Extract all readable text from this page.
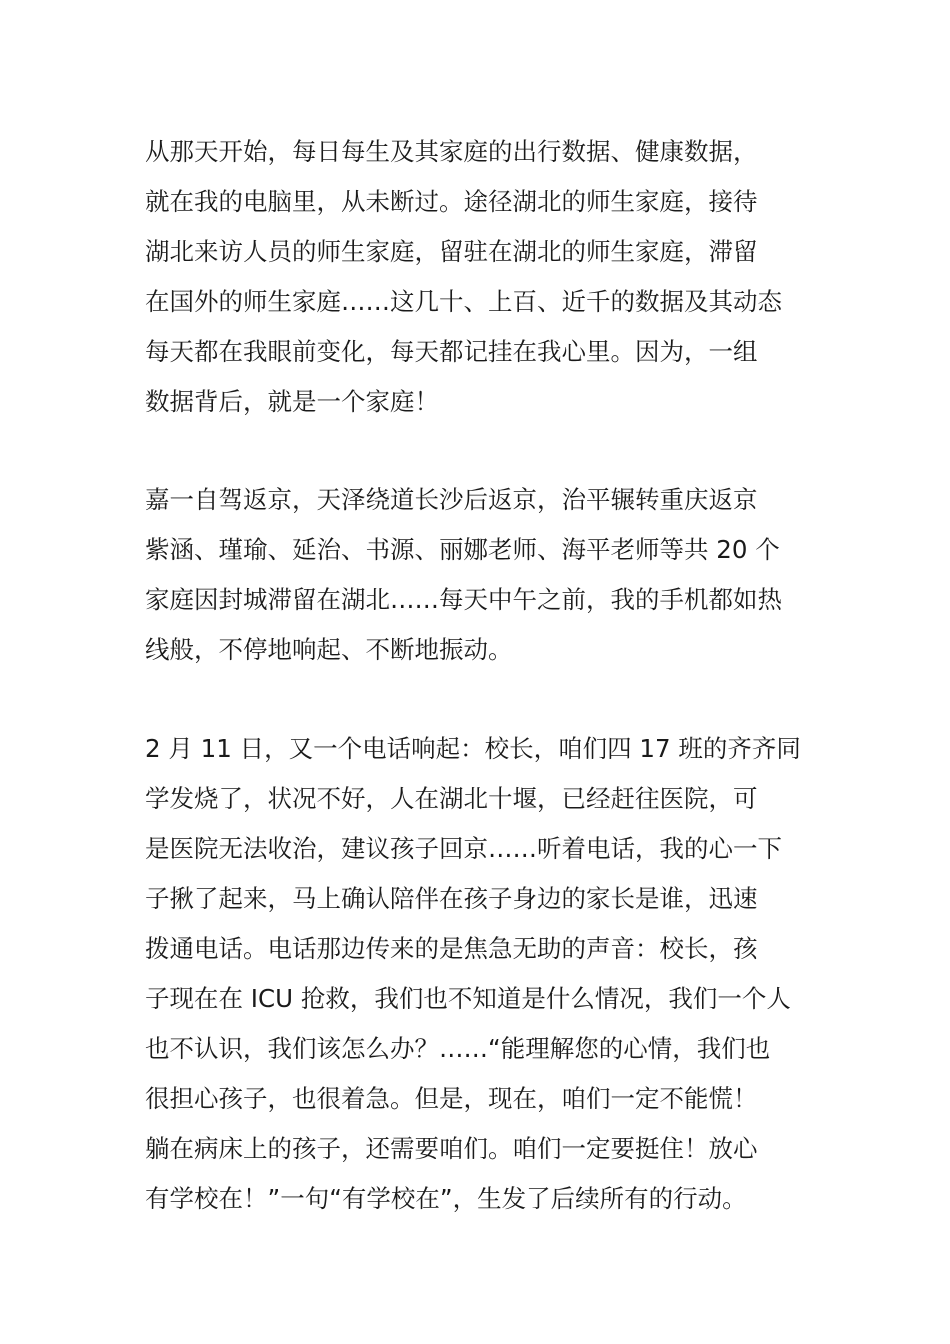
从那天开始，每日每生及其家庭的出行数据、健康数据，
就在我的电脑里，从未断过。途径湖北的师生家庭，接待
湖北来访人员的师生家庭，留驻在湖北的师生家庭，滞留
在国外的师生家庭……这几十、上百、近千的数据及其动态
每天都在我眼前变化，每天都记挂在我心里。因为，一组
数据背后，就是一个家庭！
嘉一自驾返京，天泽绕道长沙后返京，治平辗转重庆返京
紫涵、瑾瑜、延治、书源、丽娜老师、海平老师等共 20 个
家庭因封城滞留在湖北……每天中午之前，我的手机都如热
线般，不停地响起、不断地振动。
2 月 11 日，又一个电话响起：校长，咱们四 17 班的齐齐同
学发烧了，状况不好，人在湖北十堰，已经赶往医院，可
是医院无法收治，建议孩子回京……听着电话，我的心一下
子揪了起来，马上确认陪伴在孩子身边的家长是谁，迅速
拨通电话。电话那边传来的是焦急无助的声音：校长，孩
子现在在 ICU 抢救，我们也不知道是什么情况，我们一个人
也不认识，我们该怎么办？……“能理解您的心情，我们也
很担心孩子，也很着急。但是，现在，咱们一定不能慌！
躺在病床上的孩子，还需要咱们。咱们一定要挺住！放心
有学校在！”一句“有学校在”，生发了后续所有的行动。
